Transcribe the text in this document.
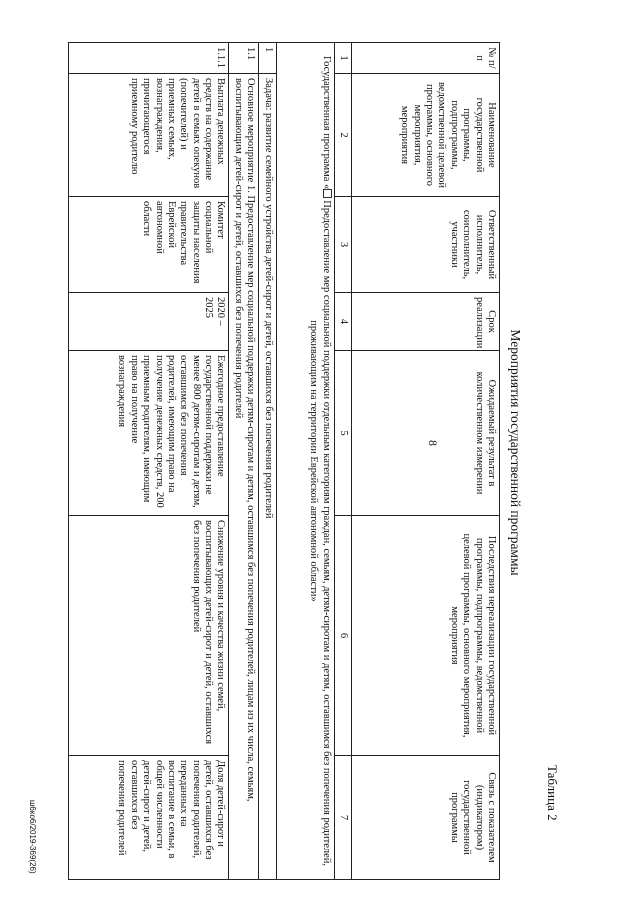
8
Таблица 2
Мероприятия государственной программы
№ п/п	Наименование государственной программы, подпрограммы, ведомственной целевой программы, основного мероприятия, мероприятия	Ответственный исполнитель, соисполнитель, участники	Срок реализации	Ожидаемый результат в количественном измерении	Последствия нереализации государственной программы, подпрограммы, ведомственной целевой программы, основного мероприятия, мероприятия	Связь с показателем (индикатором) государственной программы
1	2	3	4	5	6	7
Государственная программа «Предоставление мер социальной поддержки отдельным категориям граждан, семьям, детям-сиротам и детям, оставшимся без попечения родителей, проживающим на территории Еврейской автономной области»						
1	Задача: развитие семейного устройства детей-сирот и детей, оставшихся без попечения родителей					
1.1	Основное мероприятие 1. Предоставление мер социальной поддержки детям-сиротам и детям, оставшимся без попечения родителей, лицам из их числа, семьям, воспитывающим детей-сирот и детей, оставшихся без попечения родителей					
1.1.1	Выплата денежных средств на содержание детей в семьях опекунов (попечителей) и приемных семьях, вознаграждения, причитающегося приемному родителю	Комитет социальной защиты населения правительства Еврейской автономной области	2020 – 2025	Ежегодное предоставление государственной поддержки не менее 800 детям-сиротам и детям, оставшимся без попечения родителей, имеющим право на получение денежных средств, 200 приемным родителям, имеющим право на получение вознаграждения	Снижение уровня и качества жизни семей, воспитывающих детей-сирот и детей, оставшихся без попечения родителей	Доля детей-сирот и детей, оставшихся без попечения родителей, переданных на воспитание в семьи, в общей численности детей-сирот и детей, оставшихся без попечения родителей
ш6ко6/2019-369(26)
